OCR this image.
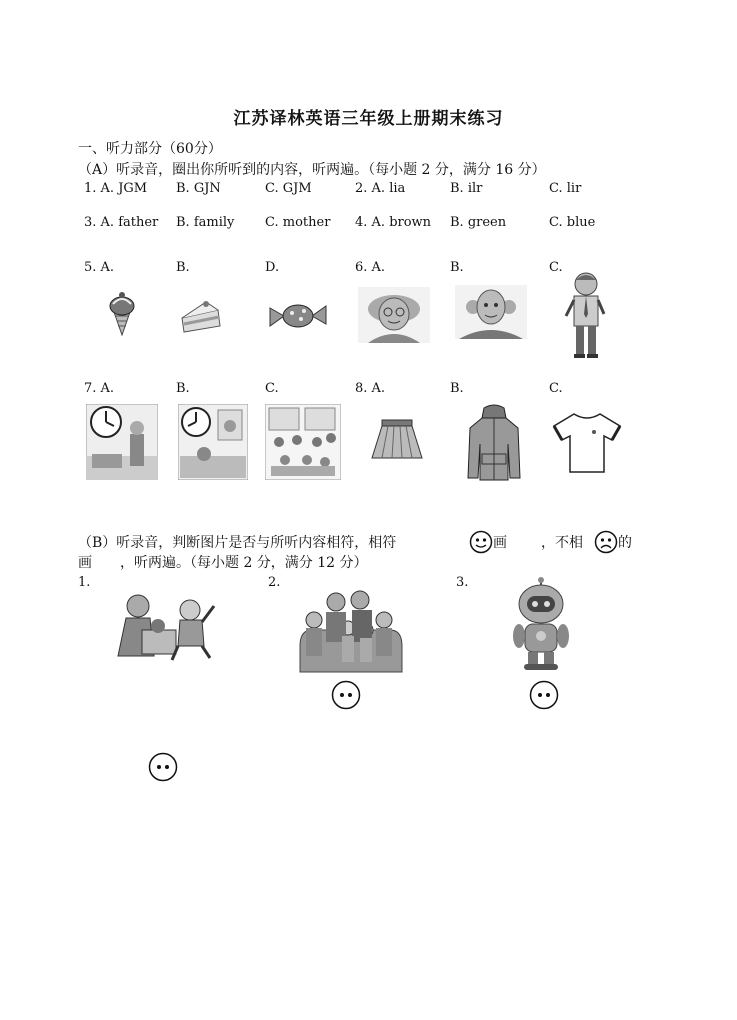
江苏译林英语三年级上册期末练习
一、听力部分（60分）
（A）听录音，圈出你所听到的内容，听两遍。（每小题 2 分，满分 16 分）
1. A. JGM B. GJN	C. GJM	2. A. lia	B. ilr	C. lir
3. A. father B. family C. mother 4. A. brown B. green	C. blue
5. A.	B.	D.	6. A.	B.	C.
7. A.	B.	C.	8. A.	B.	C.
（B）听录音，判断图片是否与所听内容相符，相符	画 ，不相	的
画　　，听两遍。（每小题 2 分，满分 12 分）
1.	2.	3.
